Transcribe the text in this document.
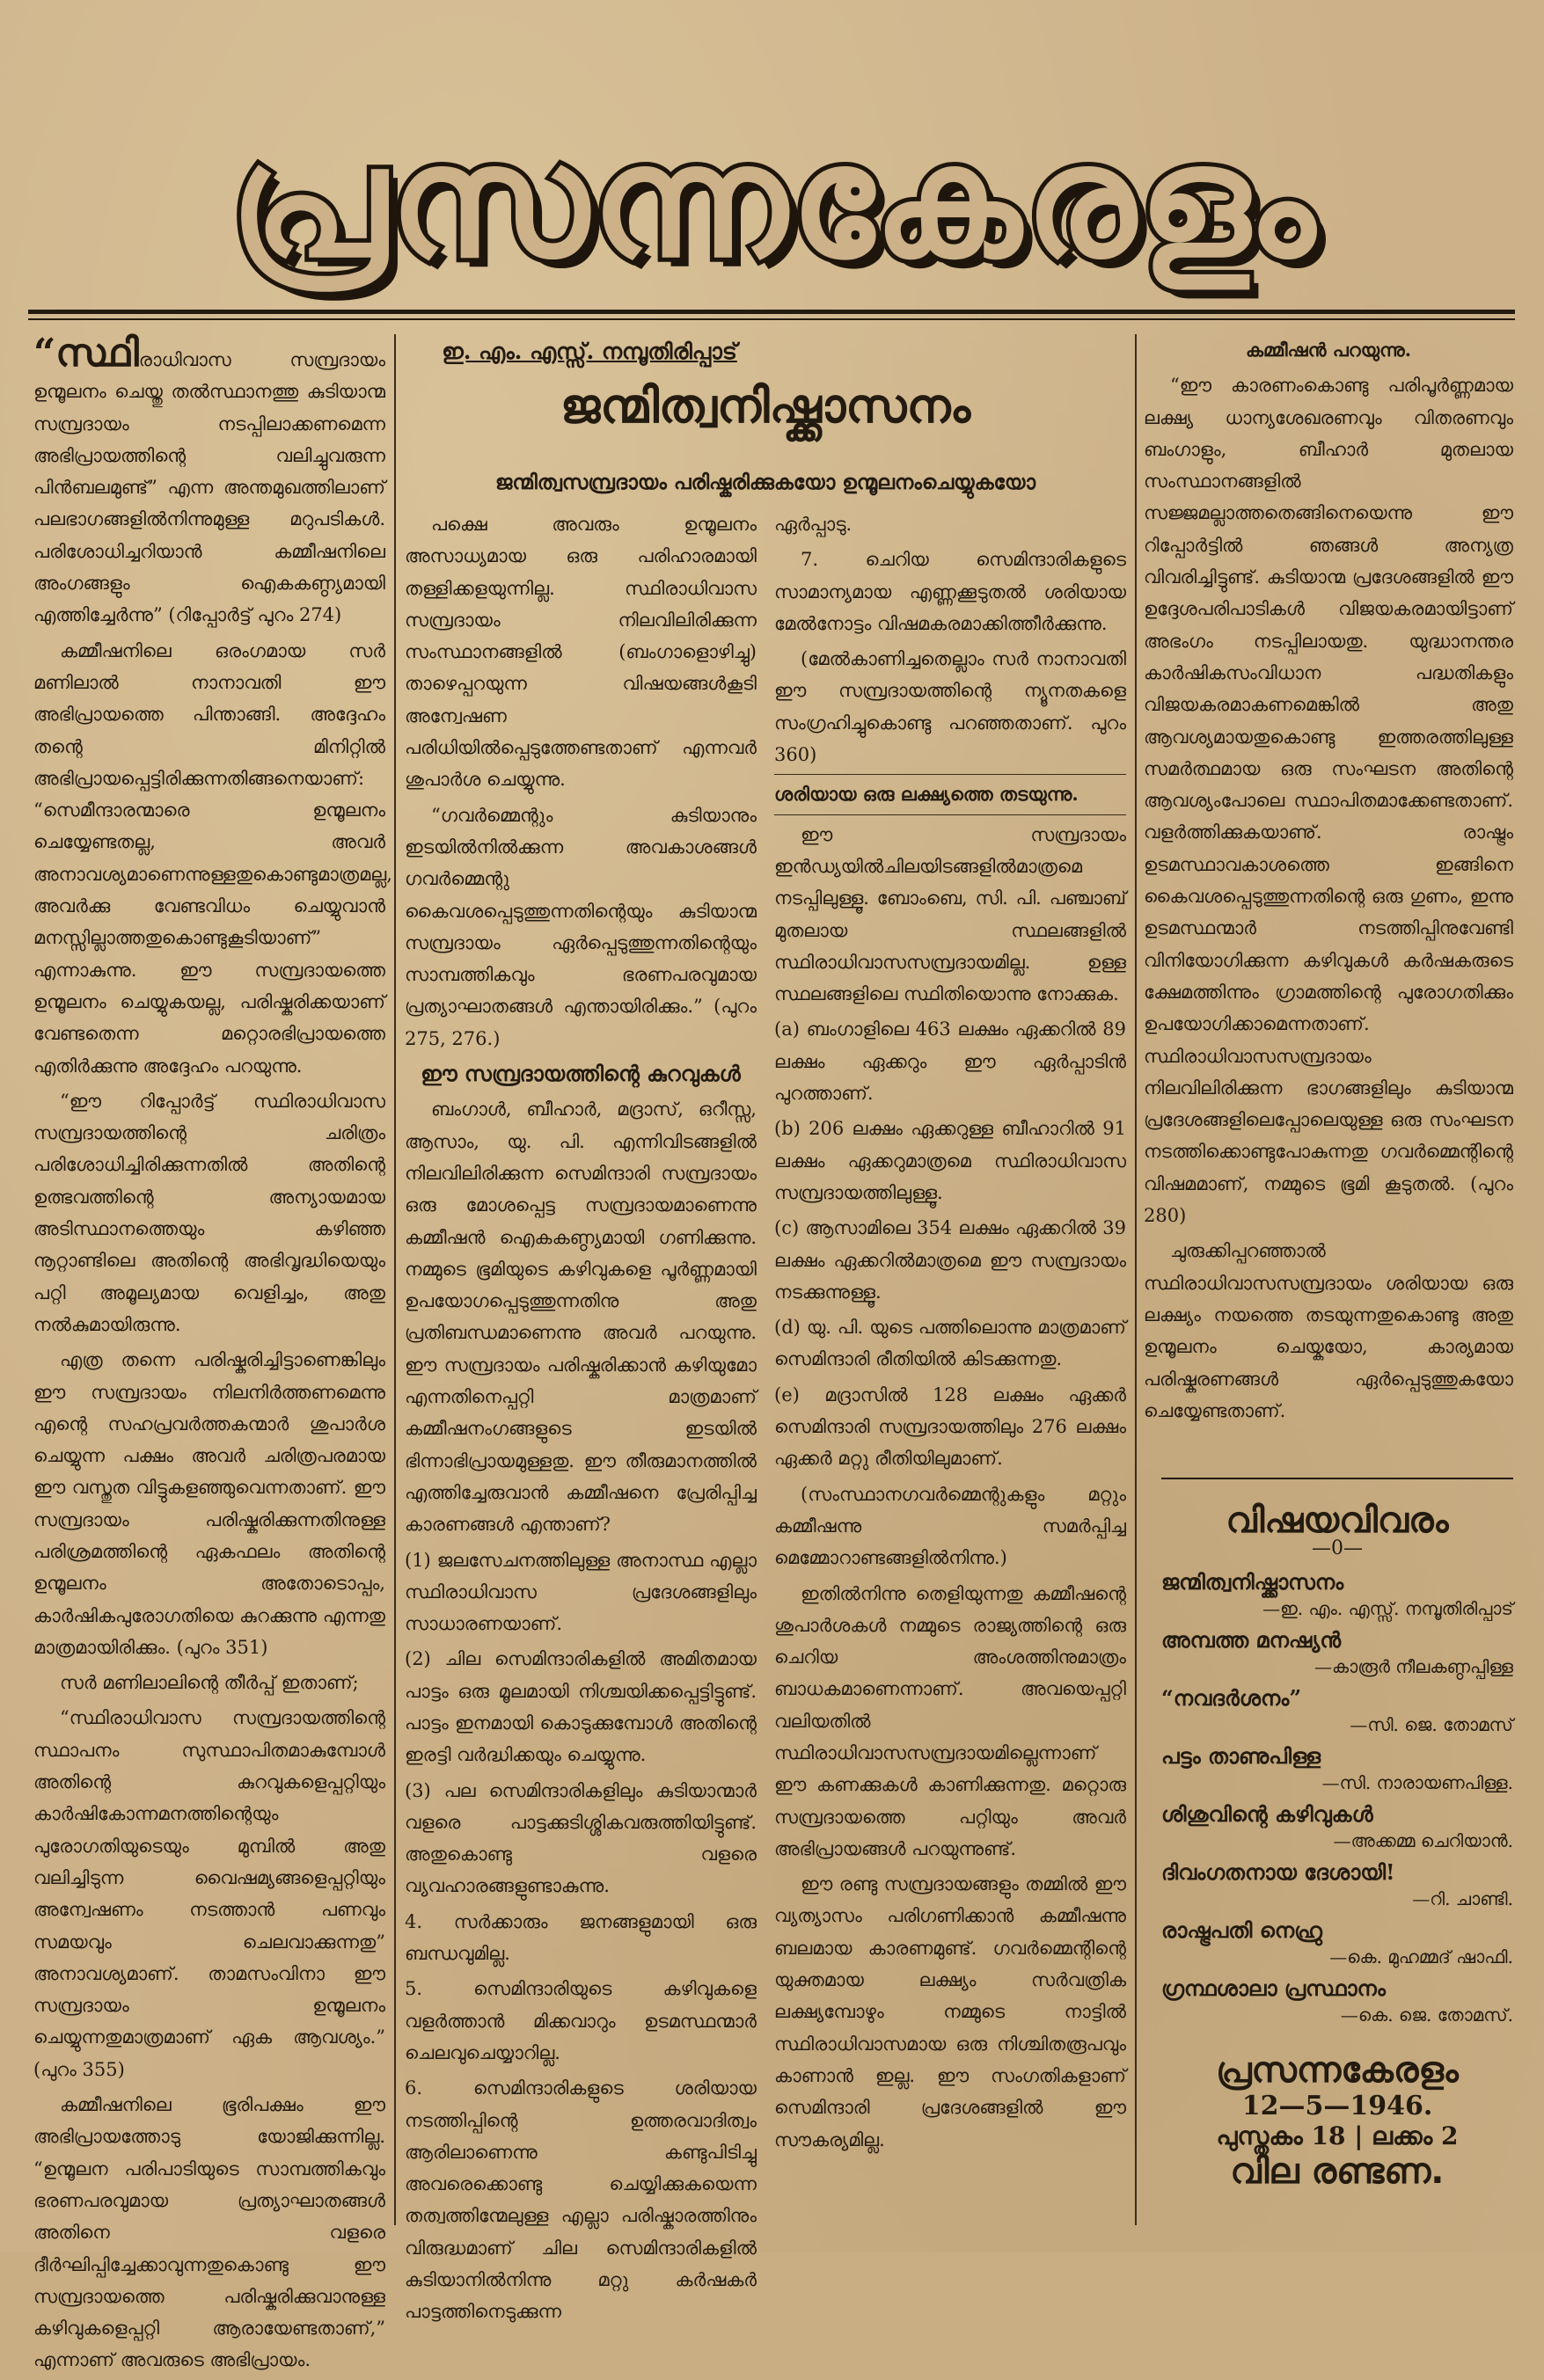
പ്രസന്നകേരളം

“സ്ഥിരാധിവാസ സമ്പ്രദായം ഉന്മൂലനം ചെയ്തു തൽസ്ഥാനത്തു കുടിയാന്മ സമ്പ്രദായം നടപ്പിലാക്കണമെന്ന അഭിപ്രായത്തിന്റെ വലിച്ചുവരുന്ന പിൻബലമുണ്ട്” എന്ന അന്തമുഖത്തിലാണ് പലഭാഗങ്ങളിൽനിന്നുമുള്ള മറുപടികൾ. പരിശോധിച്ചറിയാൻ കമ്മീഷനിലെ അംഗങ്ങളും ഐകകണ്ഠ്യമായി എത്തിച്ചേർന്നു” (റിപ്പോർട്ട് പുറം 274)

കമ്മീഷനിലെ ഒരംഗമായ സർ മണിലാൽ നാനാവതി ഈ അഭിപ്രായത്തെ പിന്താങ്ങി. അദ്ദേഹം തന്റെ മിനിറ്റിൽ അഭിപ്രായപ്പെട്ടിരിക്കുന്നതിങ്ങനെയാണ്: “സെമീന്ദാരന്മാരെ ഉന്മൂലനം ചെയ്യേണ്ടതല്ല, അവർ അനാവശ്യമാണെന്നുള്ളതുകൊണ്ടുമാത്രമല്ല, അവർക്കു വേണ്ടവിധം ചെയ്യുവാൻ മനസ്സില്ലാത്തതുകൊണ്ടുകൂടിയാണ്” എന്നാകുന്നു. ഈ സമ്പ്രദായത്തെ ഉന്മൂലനം ചെയ്യുകയല്ല, പരിഷ്കരിക്കയാണ് വേണ്ടതെന്ന മറ്റൊരഭിപ്രായത്തെ എതിർക്കുന്നു അദ്ദേഹം പറയുന്നു.

“ഈ റിപ്പോർട്ട് സ്ഥിരാധിവാസ സമ്പ്രദായത്തിന്റെ ചരിത്രം പരിശോധിച്ചിരിക്കുന്നതിൽ അതിന്റെ ഉത്ഭവത്തിന്റെ അന്യായമായ അടിസ്ഥാനത്തെയും കഴിഞ്ഞ നൂറ്റാണ്ടിലെ അതിന്റെ അഭിവൃദ്ധിയെയും പറ്റി അമൂല്യമായ വെളിച്ചം, അതു നൽകുമായിരുന്നു.

എത്ര തന്നെ പരിഷ്കരിച്ചിട്ടാണെങ്കിലും ഈ സമ്പ്രദായം നിലനിർത്തണമെന്നു എന്റെ സഹപ്രവർത്തകന്മാർ ശുപാർശ ചെയ്യുന്ന പക്ഷം അവർ ചരിത്രപരമായ ഈ വസ്തുത വിട്ടുകളഞ്ഞുവെന്നതാണ്. ഈ സമ്പ്രദായം പരിഷ്കരിക്കുന്നതിനുള്ള പരിശ്രമത്തിന്റെ ഏകഫലം അതിന്റെ ഉന്മൂലനം അതോടൊപ്പം, കാർഷികപുരോഗതിയെ കുറക്കുന്നു എന്നതു മാത്രമായിരിക്കും. (പുറം 351)

സർ മണിലാലിന്റെ തീർപ്പ് ഇതാണ്;

“സ്ഥിരാധിവാസ സമ്പ്രദായത്തിന്റെ സ്ഥാപനം സുസ്ഥാപിതമാകുമ്പോൾ അതിന്റെ കുറവുകളെപ്പറ്റിയും കാർഷികോന്നമനത്തിന്റെയും പുരോഗതിയുടെയും മുമ്പിൽ അതു വലിച്ചിടുന്ന വൈഷമ്യങ്ങളെപ്പറ്റിയും അന്വേഷണം നടത്താൻ പണവും സമയവും ചെലവാക്കുന്നതു” അനാവശ്യമാണ്. താമസംവിനാ ഈ സമ്പ്രദായം ഉന്മൂലനം ചെയ്യുന്നതുമാത്രമാണ് ഏക ആവശ്യം.” (പുറം 355)

കമ്മീഷനിലെ ഭൂരിപക്ഷം ഈ അഭിപ്രായത്തോടു യോജിക്കുന്നില്ല. “ഉന്മൂലന പരിപാടിയുടെ സാമ്പത്തികവും ഭരണപരവുമായ പ്രത്യാഘാതങ്ങൾ അതിനെ വളരെ ദീർഘിപ്പിച്ചേക്കാവുന്നതുകൊണ്ടു ഈ സമ്പ്രദായത്തെ പരിഷ്കരിക്കുവാനുള്ള കഴിവുകളെപ്പറ്റി ആരായേണ്ടതാണ്,” എന്നാണ് അവരുടെ അഭിപ്രായം.

ഇ. എം. എസ്സ്. നമ്പൂതിരിപ്പാട്
ജന്മിത്വനിഷ്ക്കാസനം
ജന്മിത്വസമ്പ്രദായം പരിഷ്കരിക്കുകയോ ഉന്മൂലനംചെയ്യുകയോ

പക്ഷെ അവരും ഉന്മൂലനം അസാധ്യമായ ഒരു പരിഹാരമായി തള്ളിക്കളയുന്നില്ല. സ്ഥിരാധിവാസ സമ്പ്രദായം നിലവിലിരിക്കുന്ന സംസ്ഥാനങ്ങളിൽ (ബംഗാളൊഴിച്ചു) താഴെപ്പറയുന്ന വിഷയങ്ങൾകൂടി അന്വേഷണ പരിധിയിൽപ്പെടുത്തേണ്ടതാണ് എന്നവർ ശുപാർശ ചെയ്യുന്നു.

“ഗവർമ്മെന്റും കുടിയാനും ഇടയിൽനിൽക്കുന്ന അവകാശങ്ങൾ ഗവർമ്മെന്റു കൈവശപ്പെടുത്തുന്നതിന്റെയും കുടിയാന്മ സമ്പ്രദായം ഏർപ്പെടുത്തുന്നതിന്റെയും സാമ്പത്തികവും ഭരണപരവുമായ പ്രത്യാഘാതങ്ങൾ എന്തായിരിക്കും.” (പുറം 275, 276.)

ഈ സമ്പ്രദായത്തിന്റെ കുറവുകൾ

ബംഗാൾ, ബീഹാർ, മദ്രാസ്, ഒറീസ്സ, ആസാം, യു. പി. എന്നിവിടങ്ങളിൽ നിലവിലിരിക്കുന്ന സെമിന്ദാരി സമ്പ്രദായം ഒരു മോശപ്പെട്ട സമ്പ്രദായമാണെന്നു കമ്മീഷൻ ഐകകണ്ഠ്യമായി ഗണിക്കുന്നു. നമ്മുടെ ഭൂമിയുടെ കഴിവുകളെ പൂർണ്ണമായി ഉപയോഗപ്പെടുത്തുന്നതിനു അതു പ്രതിബന്ധമാണെന്നു അവർ പറയുന്നു. ഈ സമ്പ്രദായം പരിഷ്കരിക്കാൻ കഴിയുമോ എന്നതിനെപ്പറ്റി മാത്രമാണ് കമ്മീഷനംഗങ്ങളുടെ ഇടയിൽ ഭിന്നാഭിപ്രായമുള്ളതു. ഈ തീരുമാനത്തിൽ എത്തിച്ചേരുവാൻ കമ്മീഷനെ പ്രേരിപ്പിച്ച കാരണങ്ങൾ എന്താണ്?

(1) ജലസേചനത്തിലുള്ള അനാസ്ഥ എല്ലാ സ്ഥിരാധിവാസ പ്രദേശങ്ങളിലും സാധാരണയാണ്.

(2) ചില സെമിന്ദാരികളിൽ അമിതമായ പാട്ടം ഒരു മൂലമായി നിശ്ചയിക്കപ്പെട്ടിട്ടുണ്ട്. പാട്ടം ഇനമായി കൊടുക്കുമ്പോൾ അതിന്റെ ഇരട്ടി വർദ്ധിക്കയും ചെയ്യുന്നു.

(3) പല സെമിന്ദാരികളിലും കുടിയാന്മാർ വളരെ പാട്ടക്കുടിശ്ശികവരുത്തിയിട്ടുണ്ട്. അതുകൊണ്ടു വളരെ വ്യവഹാരങ്ങളുണ്ടാകുന്നു.

4. സർക്കാരും ജനങ്ങളുമായി ഒരു ബന്ധവുമില്ല.

5. സെമിന്ദാരിയുടെ കഴിവുകളെ വളർത്താൻ മിക്കവാറും ഉടമസ്ഥന്മാർ ചെലവുചെയ്യാറില്ല.

6. സെമിന്ദാരികളുടെ ശരിയായ നടത്തിപ്പിന്റെ ഉത്തരവാദിത്വം ആരിലാണെന്നു കണ്ടുപിടിച്ചു അവരെക്കൊണ്ടു ചെയ്യിക്കുകയെന്ന തത്വത്തിന്മേലുള്ള എല്ലാ പരിഷ്കാരത്തിനും വിരുദ്ധമാണ് ചില സെമിന്ദാരികളിൽ കുടിയാനിൽനിന്നു മറ്റു കർഷകർ പാട്ടത്തിനെടുക്കുന്ന

ഏർപ്പാടു.

7. ചെറിയ സെമിന്ദാരികളുടെ സാമാന്യമായ എണ്ണക്കൂടുതൽ ശരിയായ മേൽനോട്ടം വിഷമകരമാക്കിത്തീർക്കുന്നു.

(മേൽകാണിച്ചതെല്ലാം സർ നാനാവതി ഈ സമ്പ്രദായത്തിന്റെ ന്യൂനതകളെ സംഗ്രഹിച്ചുകൊണ്ടു പറഞ്ഞതാണ്. പുറം 360)

ശരിയായ ഒരു ലക്ഷ്യത്തെ തടയുന്നു.

ഈ സമ്പ്രദായം ഇൻഡ്യയിൽചിലയിടങ്ങളിൽമാത്രമെ നടപ്പിലുള്ളൂ. ബോംബെ, സി. പി. പഞ്ചാബ് മുതലായ സ്ഥലങ്ങളിൽ സ്ഥിരാധിവാസസമ്പ്രദായമില്ല. ഉള്ള സ്ഥലങ്ങളിലെ സ്ഥിതിയൊന്നു നോക്കുക.

(a) ബംഗാളിലെ 463 ലക്ഷം ഏക്കറിൽ 89 ലക്ഷം ഏക്കറും ഈ ഏർപ്പാടിൻ പുറത്താണ്.

(b) 206 ലക്ഷം ഏക്കറുള്ള ബീഹാറിൽ 91 ലക്ഷം ഏക്കറുമാത്രമെ സ്ഥിരാധിവാസ സമ്പ്രദായത്തിലുള്ളൂ.

(c) ആസാമിലെ 354 ലക്ഷം ഏക്കറിൽ 39 ലക്ഷം ഏക്കറിൽമാത്രമെ ഈ സമ്പ്രദായം നടക്കുന്നുള്ളൂ.

(d) യു. പി. യുടെ പത്തിലൊന്നു മാത്രമാണ് സെമിന്ദാരി രീതിയിൽ കിടക്കുന്നതു.

(e) മദ്രാസിൽ 128 ലക്ഷം ഏക്കർ സെമിന്ദാരി സമ്പ്രദായത്തിലും 276 ലക്ഷം ഏക്കർ മറ്റു രീതിയിലുമാണ്.

(സംസ്ഥാനഗവർമ്മെന്റുകളും മറ്റും കമ്മീഷന്നു സമർപ്പിച്ച മെമ്മോറാണ്ടങ്ങളിൽനിന്നു.)

ഇതിൽനിന്നു തെളിയുന്നതു കമ്മീഷന്റെ ശുപാർശകൾ നമ്മുടെ രാജ്യത്തിന്റെ ഒരു ചെറിയ അംശത്തിനുമാത്രം ബാധകമാണെന്നാണ്. അവയെപ്പറ്റി വലിയതിൽ സ്ഥിരാധിവാസസമ്പ്രദായമില്ലെന്നാണ് ഈ കണക്കുകൾ കാണിക്കുന്നതു. മറ്റൊരു സമ്പ്രദായത്തെ പറ്റിയും അവർ അഭിപ്രായങ്ങൾ പറയുന്നുണ്ട്.

ഈ രണ്ടു സമ്പ്രദായങ്ങളും തമ്മിൽ ഈ വ്യത്യാസം പരിഗണിക്കാൻ കമ്മീഷന്നു ബലമായ കാരണമുണ്ട്. ഗവർമ്മെന്റിന്റെ യുക്തമായ ലക്ഷ്യം സർവത്രിക ലക്ഷ്യമ്പോഴും നമ്മുടെ നാട്ടിൽ സ്ഥിരാധിവാസമായ ഒരു നിശ്ചിതരൂപവും കാണാൻ ഇല്ല. ഈ സംഗതികളാണ് സെമിന്ദാരി പ്രദേശങ്ങളിൽ ഈ സൗകര്യമില്ല.

കമ്മീഷൻ പറയുന്നു.

“ഈ കാരണംകൊണ്ടു പരിപൂർണ്ണമായ ലക്ഷ്യ ധാന്യശേഖരണവും വിതരണവും ബംഗാളും, ബീഹാർ മുതലായ സംസ്ഥാനങ്ങളിൽ സജ്ജമല്ലാത്തതെങ്ങിനെയെന്നു ഈ റിപ്പോർട്ടിൽ ഞങ്ങൾ അന്യത്ര വിവരിച്ചിട്ടുണ്ട്. കുടിയാന്മ പ്രദേശങ്ങളിൽ ഈ ഉദ്ദേശപരിപാടികൾ വിജയകരമായിട്ടാണ് അഭംഗം നടപ്പിലായതു. യുദ്ധാനന്തര കാർഷികസംവിധാന പദ്ധതികളും വിജയകരമാകണമെങ്കിൽ അതു ആവശ്യമായതുകൊണ്ടു ഇത്തരത്തിലുള്ള സമർത്ഥമായ ഒരു സംഘടന അതിന്റെ ആവശ്യംപോലെ സ്ഥാപിതമാക്കേണ്ടതാണ്. വളർത്തിക്കുകയാണു്. രാഷ്ട്രം ഉടമസ്ഥാവകാശത്തെ ഇങ്ങിനെ കൈവശപ്പെടുത്തുന്നതിന്റെ ഒരു ഗുണം, ഇന്നു ഉടമസ്ഥന്മാർ നടത്തിപ്പിനുവേണ്ടി വിനിയോഗിക്കുന്ന കഴിവുകൾ കർഷകരുടെ ക്ഷേമത്തിന്നും ഗ്രാമത്തിന്റെ പുരോഗതിക്കും ഉപയോഗിക്കാമെന്നതാണ്. സ്ഥിരാധിവാസസമ്പ്രദായം നിലവിലിരിക്കുന്ന ഭാഗങ്ങളിലും കുടിയാന്മ പ്രദേശങ്ങളിലെപ്പോലെയുള്ള ഒരു സംഘടന നടത്തിക്കൊണ്ടുപോകുന്നതു ഗവർമ്മെന്റിന്റെ വിഷമമാണ്, നമ്മുടെ ഭൂമി കൂടുതൽ. (പുറം 280)

ചുരുക്കിപ്പറഞ്ഞാൽ സ്ഥിരാധിവാസസമ്പ്രദായം ശരിയായ ഒരു ലക്ഷ്യം നയത്തെ തടയുന്നതുകൊണ്ടു അതു ഉന്മൂലനം ചെയ്കയോ, കാര്യമായ പരിഷ്കരണങ്ങൾ ഏർപ്പെടുത്തുകയോ ചെയ്യേണ്ടതാണ്.

വിഷയവിവരം
—0—
ജന്മിത്വനിഷ്ക്കാസനം
—ഇ. എം. എസ്സ്. നമ്പൂതിരിപ്പാട്
അമ്പത്ത മനഷ്യൻ
—കാരൂർ നീലകണ്ഠപ്പിള്ള
“നവദർശനം”
—സി. ജെ. തോമസ്
പട്ടം താണുപിള്ള
—സി. നാരായണപിള്ള.
ശിശുവിന്റെ കഴിവുകൾ
—അക്കമ്മ ചെറിയാൻ.
ദിവംഗതനായ ദേശായി!
—റി. ചാണ്ടി.
രാഷ്ട്രപതി നെഹ്രു
—കെ. മുഹമ്മദ് ഷാഫി.
ഗ്രന്ഥശാലാ പ്രസ്ഥാനം
—കെ. ജെ. തോമസ്.
പ്രസന്നകേരളം
12—5—1946.
പുസ്തകം 18 | ലക്കം 2
വില രണ്ടണ.
